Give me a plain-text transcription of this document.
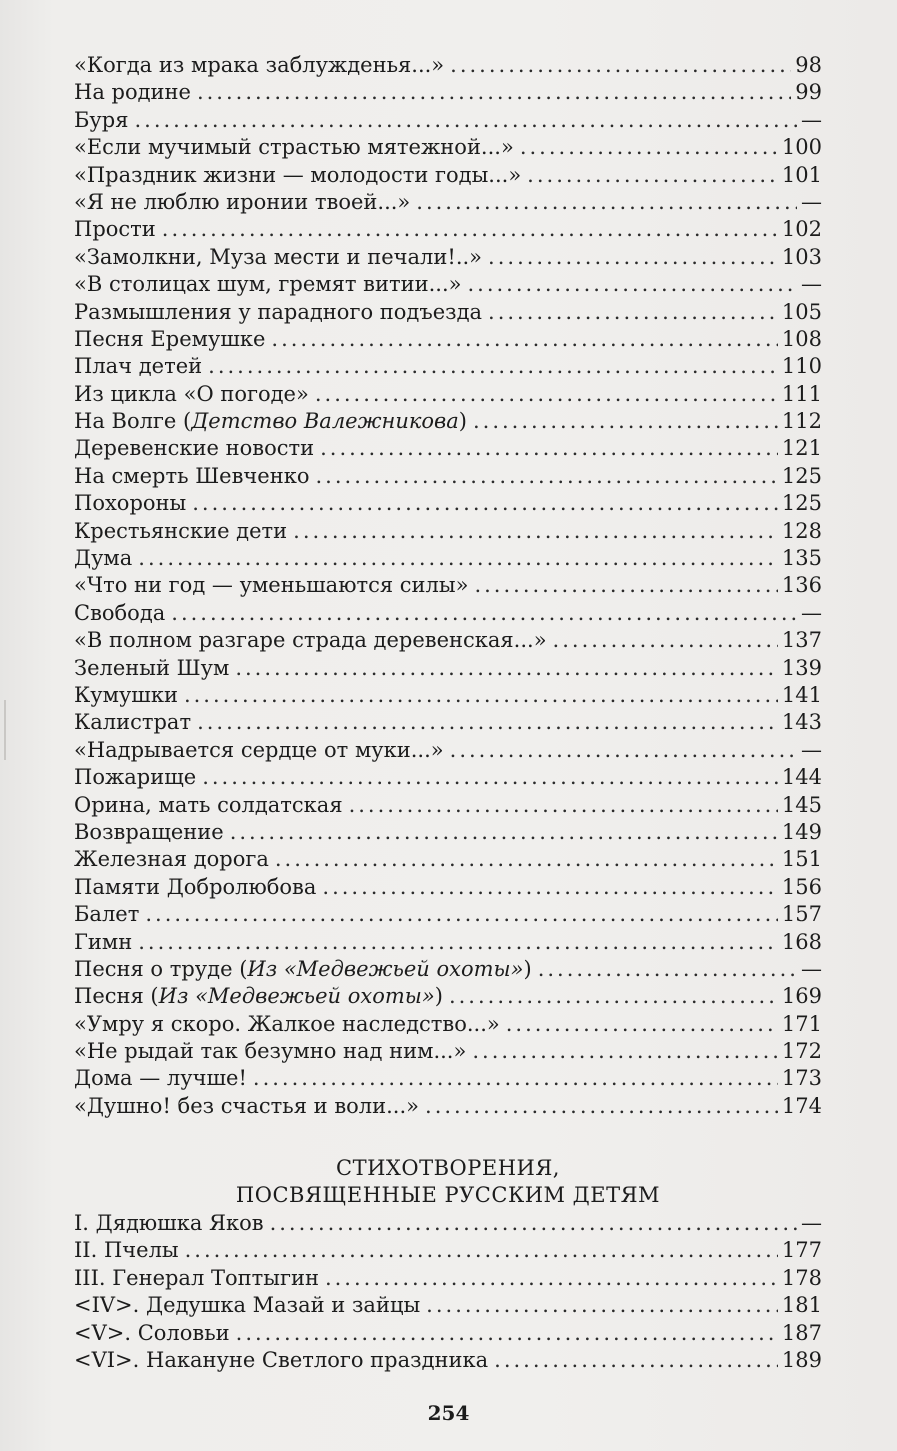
«Когда из мрака заблужденья...» .....	98
На родине .....	99
Буря .....	—
«Если мучимый страстью мятежной...» .....	100
«Праздник жизни — молодости годы...» .....	101
«Я не люблю иронии твоей...» .....	—
Прости .....	102
«Замолкни, Муза мести и печали!..» .....	103
«В столицах шум, гремят витии...» .....	—
Размышления у парадного подъезда .....	105
Песня Еремушке .....	108
Плач детей .....	110
Из цикла «О погоде» .....	111
На Волге (Детство Валежникова) .....	112
Деревенские новости .....	121
На смерть Шевченко .....	125
Похороны .....	125
Крестьянские дети .....	128
Дума .....	135
«Что ни год — уменьшаются силы» .....	136
Свобода .....	—
«В полном разгаре страда деревенская...» .....	137
Зеленый Шум .....	139
Кумушки .....	141
Калистрат .....	143
«Надрывается сердце от муки...» .....	—
Пожарище .....	144
Орина, мать солдатская .....	145
Возвращение .....	149
Железная дорога .....	151
Памяти Добролюбова .....	156
Балет .....	157
Гимн .....	168
Песня о труде (Из «Медвежьей охоты») .....	—
Песня (Из «Медвежьей охоты») .....	169
«Умру я скоро. Жалкое наследство...» .....	171
«Не рыдай так безумно над ним...» .....	172
Дома — лучше! .....	173
«Душно! без счастья и воли...» .....	174
СТИХОТВОРЕНИЯ,
ПОСВЯЩЕННЫЕ РУССКИМ ДЕТЯМ
I. Дядюшка Яков .....	—
II. Пчелы .....	177
III. Генерал Топтыгин .....	178
<IV>. Дедушка Мазай и зайцы .....	181
<V>. Соловьи .....	187
<VI>. Накануне Светлого праздника .....	189
254
